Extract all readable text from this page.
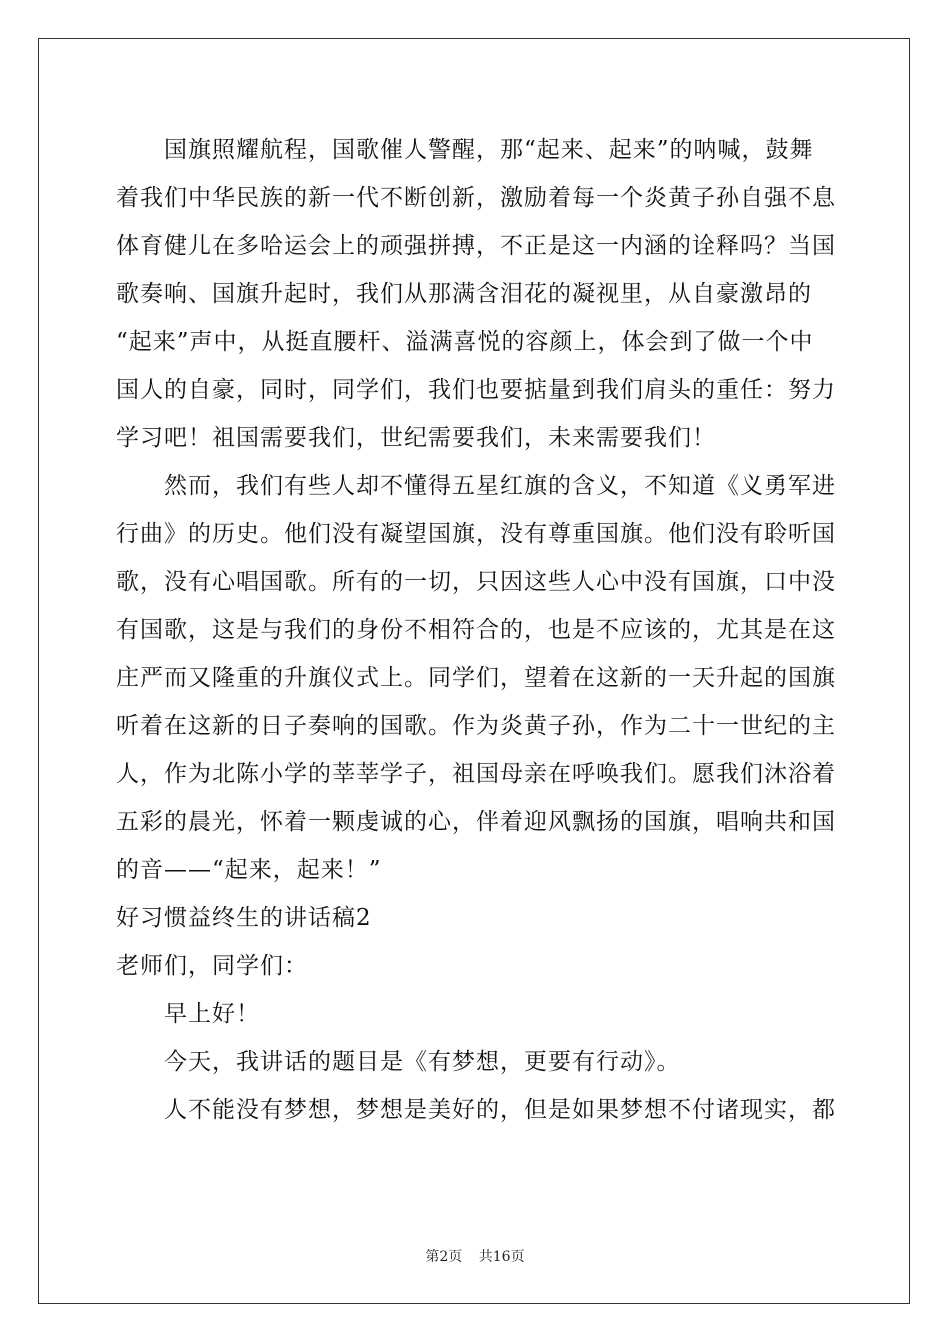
国旗照耀航程，国歌催人警醒，那“起来、起来”的呐喊，鼓舞
着我们中华民族的新一代不断创新，激励着每一个炎黄子孙自强不息
体育健儿在多哈运会上的顽强拼搏，不正是这一内涵的诠释吗？当国
歌奏响、国旗升起时，我们从那满含泪花的凝视里，从自豪激昂的
“起来”声中，从挺直腰杆、溢满喜悦的容颜上，体会到了做一个中
国人的自豪，同时，同学们，我们也要掂量到我们肩头的重任：努力
学习吧！祖国需要我们，世纪需要我们，未来需要我们！
然而，我们有些人却不懂得五星红旗的含义，不知道《义勇军进
行曲》的历史。他们没有凝望国旗，没有尊重国旗。他们没有聆听国
歌，没有心唱国歌。所有的一切，只因这些人心中没有国旗，口中没
有国歌，这是与我们的身份不相符合的，也是不应该的，尤其是在这
庄严而又隆重的升旗仪式上。同学们，望着在这新的一天升起的国旗
听着在这新的日子奏响的国歌。作为炎黄子孙，作为二十一世纪的主
人，作为北陈小学的莘莘学子，祖国母亲在呼唤我们。愿我们沐浴着
五彩的晨光，怀着一颗虔诚的心，伴着迎风飘扬的国旗，唱响共和国
的音——“起来，起来！”
好习惯益终生的讲话稿2
老师们，同学们：
早上好！
今天，我讲话的题目是《有梦想，更要有行动》。
人不能没有梦想，梦想是美好的，但是如果梦想不付诸现实，都
第2页 共16页
